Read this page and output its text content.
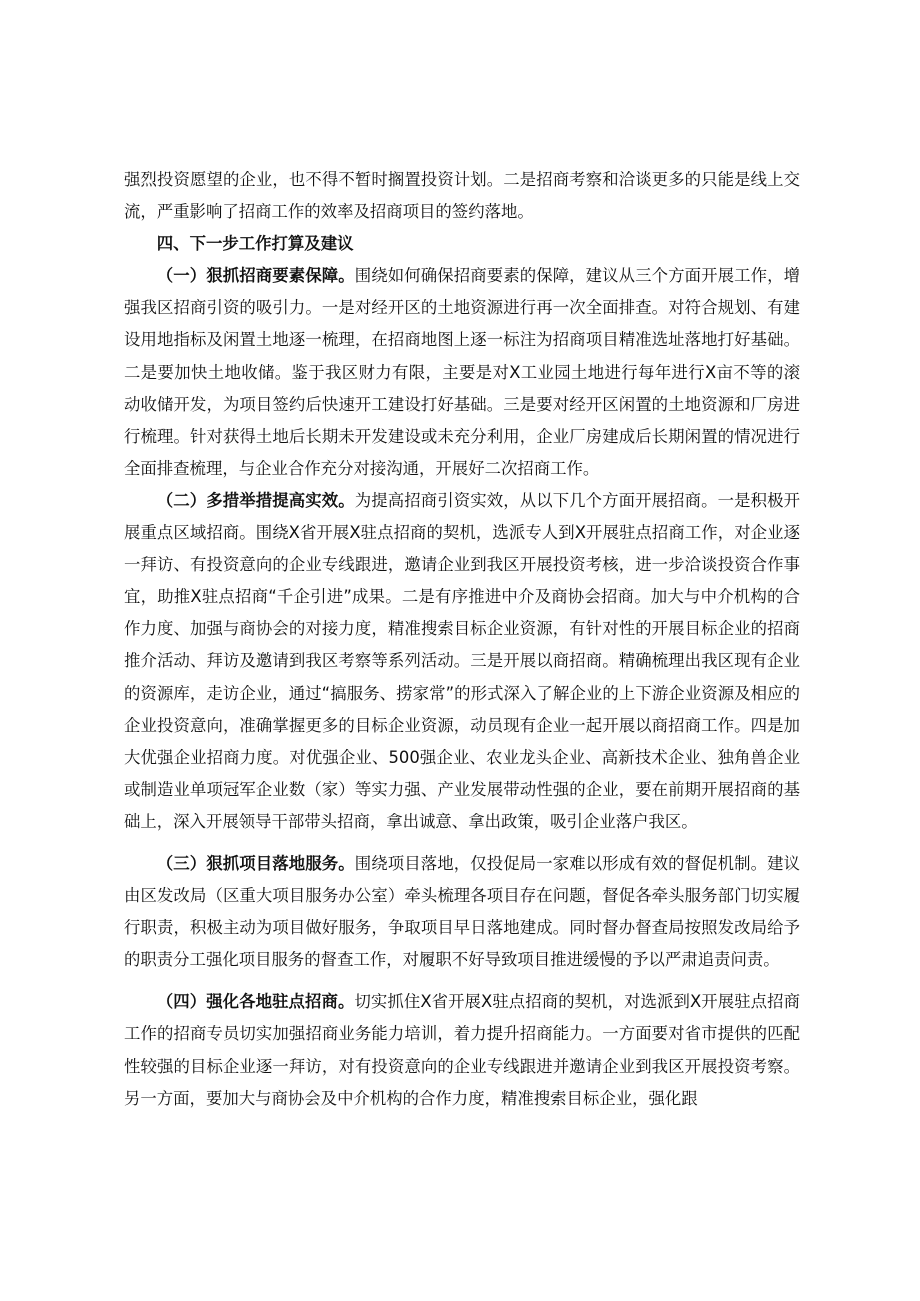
强烈投资愿望的企业，也不得不暂时搁置投资计划。二是招商考察和洽谈更多的只能是线上交流，严重影响了招商工作的效率及招商项目的签约落地。

四、下一步工作打算及建议

（一）狠抓招商要素保障。围绕如何确保招商要素的保障，建议从三个方面开展工作，增强我区招商引资的吸引力。一是对经开区的土地资源进行再一次全面排查。对符合规划、有建设用地指标及闲置土地逐一梳理，在招商地图上逐一标注为招商项目精准选址落地打好基础。二是要加快土地收储。鉴于我区财力有限，主要是对X工业园土地进行每年进行X亩不等的滚动收储开发，为项目签约后快速开工建设打好基础。三是要对经开区闲置的土地资源和厂房进行梳理。针对获得土地后长期未开发建设或未充分利用，企业厂房建成后长期闲置的情况进行全面排查梳理，与企业合作充分对接沟通，开展好二次招商工作。

（二）多措举措提高实效。为提高招商引资实效，从以下几个方面开展招商。一是积极开展重点区域招商。围绕X省开展X驻点招商的契机，选派专人到X开展驻点招商工作，对企业逐一拜访、有投资意向的企业专线跟进，邀请企业到我区开展投资考核，进一步洽谈投资合作事宜，助推X驻点招商“千企引进”成果。二是有序推进中介及商协会招商。加大与中介机构的合作力度、加强与商协会的对接力度，精准搜索目标企业资源，有针对性的开展目标企业的招商推介活动、拜访及邀请到我区考察等系列活动。三是开展以商招商。精确梳理出我区现有企业的资源库，走访企业，通过“搞服务、捞家常”的形式深入了解企业的上下游企业资源及相应的企业投资意向，准确掌握更多的目标企业资源，动员现有企业一起开展以商招商工作。四是加大优强企业招商力度。对优强企业、500强企业、农业龙头企业、高新技术企业、独角兽企业或制造业单项冠军企业数（家）等实力强、产业发展带动性强的企业，要在前期开展招商的基础上，深入开展领导干部带头招商，拿出诚意、拿出政策，吸引企业落户我区。

（三）狠抓项目落地服务。围绕项目落地，仅投促局一家难以形成有效的督促机制。建议由区发改局（区重大项目服务办公室）牵头梳理各项目存在问题，督促各牵头服务部门切实履行职责，积极主动为项目做好服务，争取项目早日落地建成。同时督办督查局按照发改局给予的职责分工强化项目服务的督查工作，对履职不好导致项目推进缓慢的予以严肃追责问责。

（四）强化各地驻点招商。切实抓住X省开展X驻点招商的契机，对选派到X开展驻点招商工作的招商专员切实加强招商业务能力培训，着力提升招商能力。一方面要对省市提供的匹配性较强的目标企业逐一拜访，对有投资意向的企业专线跟进并邀请企业到我区开展投资考察。另一方面，要加大与商协会及中介机构的合作力度，精准搜索目标企业，强化跟
